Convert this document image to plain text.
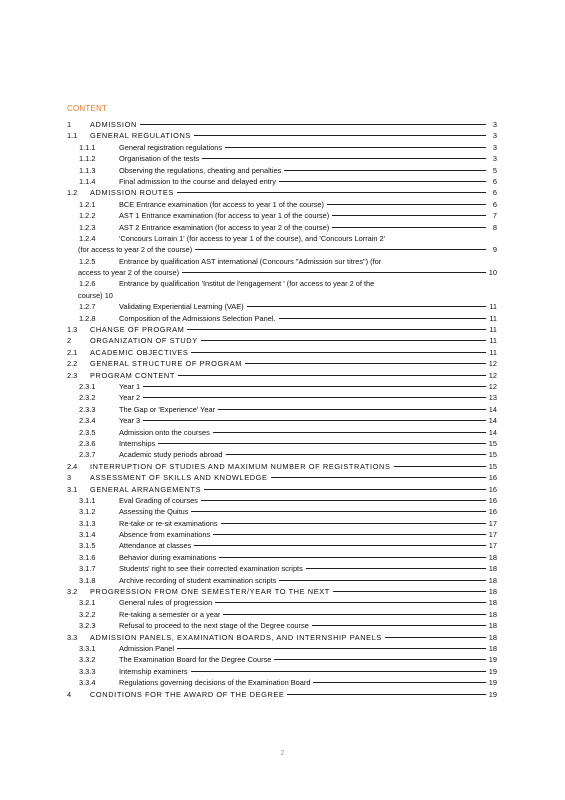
CONTENT
1	ADMISSION	3
1.1	GENERAL REGULATIONS	3
1.1.1	General registration regulations	3
1.1.2	Organisation of the tests	3
1.1.3	Observing the regulations, cheating and penalties	5
1.1.4	Final admission to the course and delayed entry	6
1.2	ADMISSION ROUTES	6
1.2.1	BCE Entrance examination (for access to year 1 of the course)	6
1.2.2	AST 1 Entrance examination (for access to year 1 of the course)	7
1.2.3	AST 2 Entrance examination (for access to year 2 of the course)	8
1.2.4	'Concours Lorrain 1' (for access to year 1 of the course), and 'Concours Lorrain 2'
(for access to year 2 of the course)	9
1.2.5	Entrance by qualification AST international (Concours "Admission sur titres") (for
access to year 2 of the course)	10
1.2.6	Entrance by qualification 'Institut de l'engagement ' (for access to year 2 of the
course) 10
1.2.7	Validating Experiential Learning (VAE)	11
1.2.8	Composition of the Admissions Selection Panel.	11
1.3	CHANGE OF PROGRAM	11
2	ORGANIZATION OF STUDY	11
2.1	ACADEMIC OBJECTIVES	11
2.2	GENERAL STRUCTURE OF PROGRAM	12
2.3	PROGRAM CONTENT	12
2.3.1	Year 1	12
2.3.2	Year 2	13
2.3.3	The Gap or 'Experience' Year	14
2.3.4	Year 3	14
2.3.5	Admission onto the courses	14
2.3.6	Internships	15
2.3.7	Academic study periods abroad	15
2.4	INTERRUPTION OF STUDIES AND MAXIMUM NUMBER OF REGISTRATIONS	15
3	ASSESSMENT OF SKILLS AND KNOWLEDGE	16
3.1	GENERAL ARRANGEMENTS	16
3.1.1	Eval Grading of courses	16
3.1.2	Assessing the Quitus	16
3.1.3	Re-take or re-sit examinations	17
3.1.4	Absence from examinations	17
3.1.5	Attendance at classes	17
3.1.6	Behavior during examinations	18
3.1.7	Students' right to see their corrected examination scripts	18
3.1.8	Archive recording of student examination scripts	18
3.2	PROGRESSION FROM ONE SEMESTER/YEAR TO THE NEXT	18
3.2.1	General rules of progression	18
3.2.2	Re-taking a semester or a year	18
3.2.3	Refusal to proceed to the next stage of the Degree course	18
3.3	ADMISSION PANELS, EXAMINATION BOARDS, AND INTERNSHIP PANELS	18
3.3.1	Admission Panel	18
3.3.2	The Examination Board for the Degree Course	19
3.3.3	Internship examiners	19
3.3.4	Regulations governing decisions of the Examination Board	19
4	CONDITIONS FOR THE AWARD OF THE DEGREE	19
2
